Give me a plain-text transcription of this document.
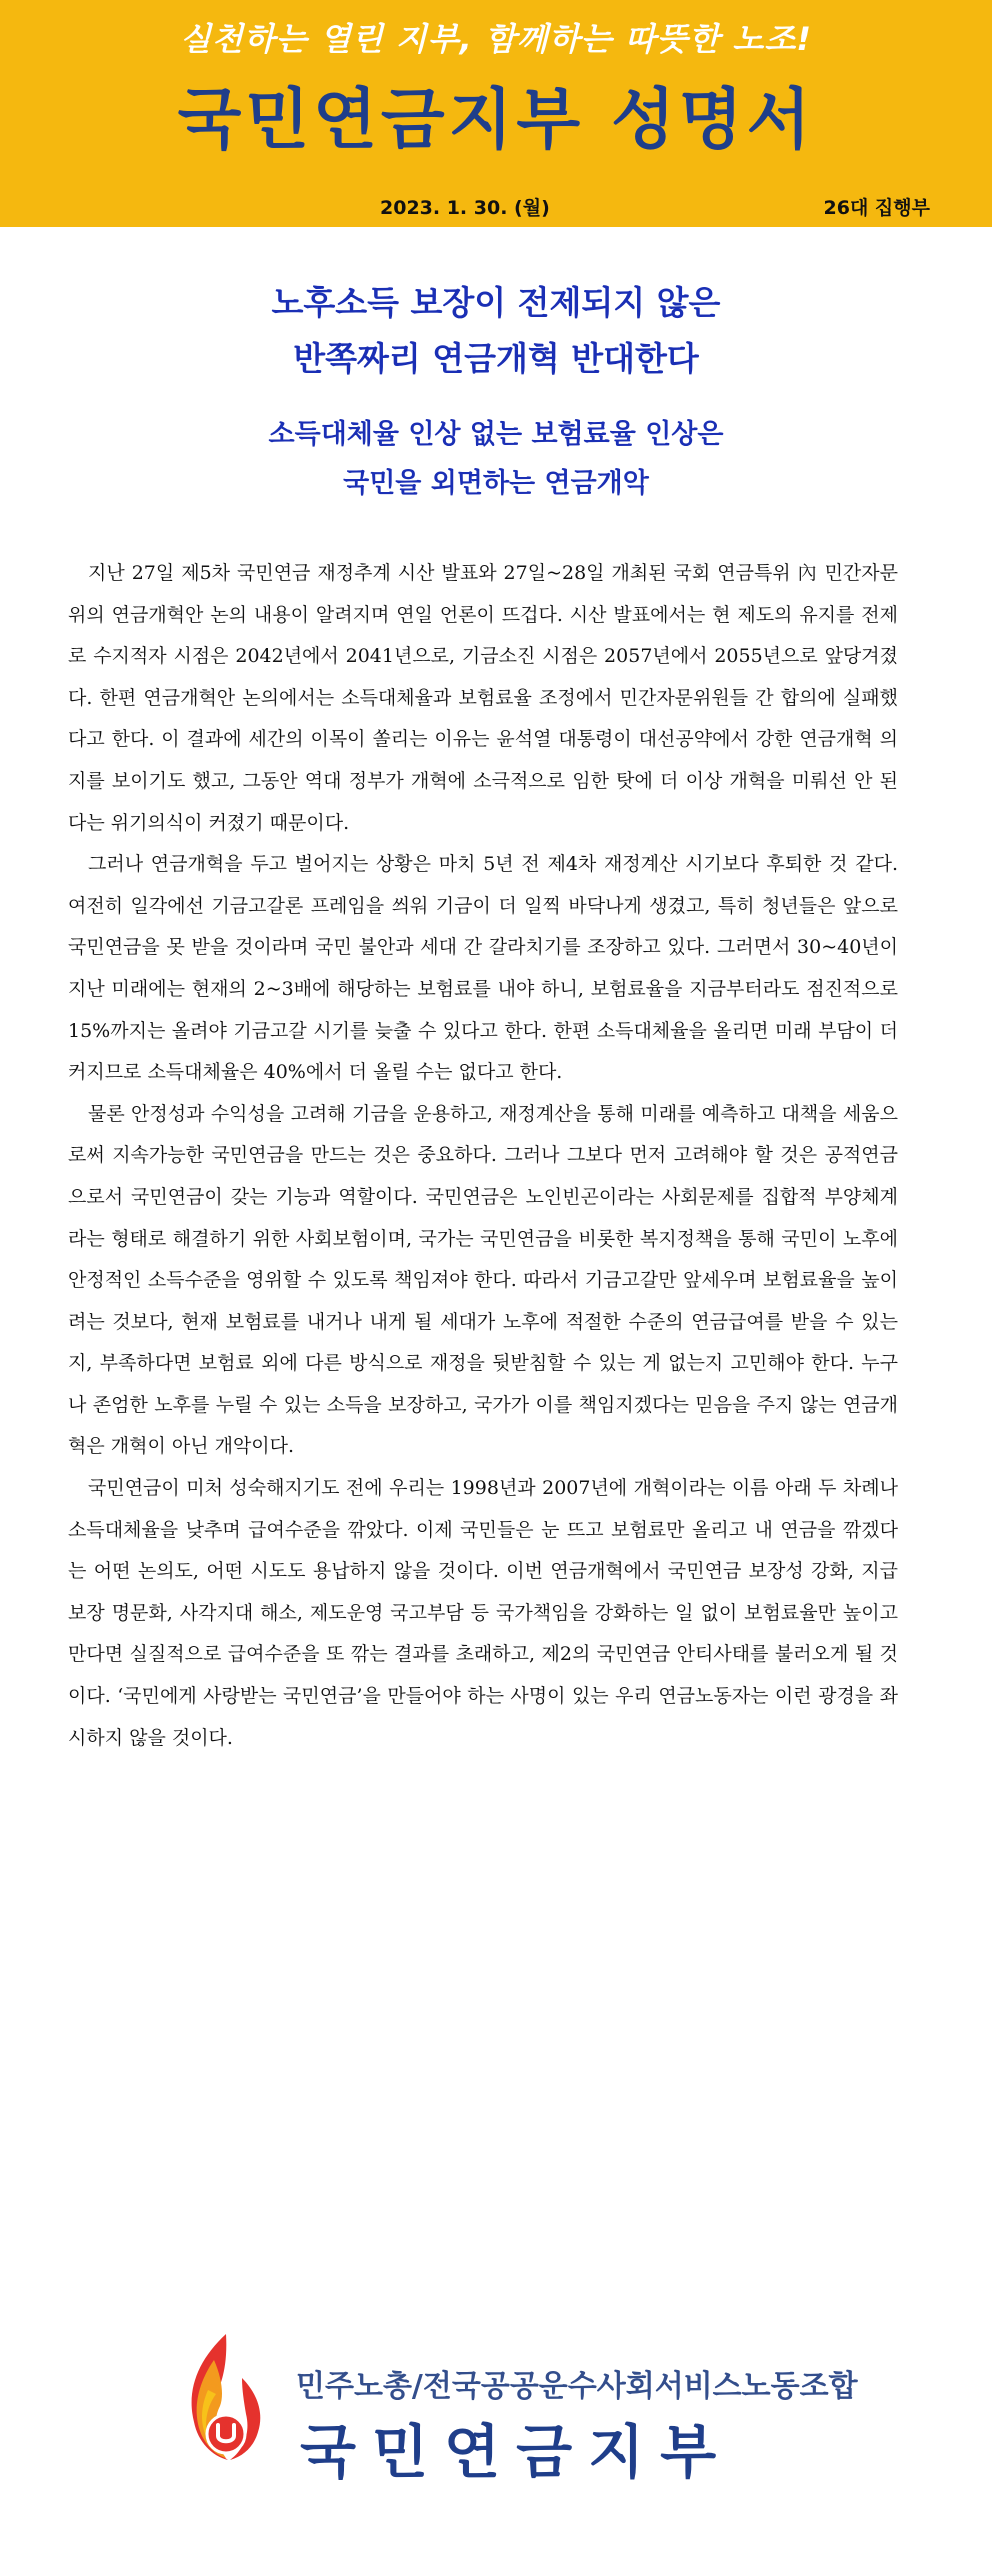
실천하는 열린 지부, 함께하는 따뜻한 노조!
국민연금지부 성명서
2023. 1. 30. (월)	26대 집행부
노후소득 보장이 전제되지 않은
반쪽짜리 연금개혁 반대한다
소득대체율 인상 없는 보험료율 인상은
국민을 외면하는 연금개악

지난 27일 제5차 국민연금 재정추계 시산 발표와 27일~28일 개최된 국회 연금특위 內 민간자문위의 연금개혁안 논의 내용이 알려지며 연일 언론이 뜨겁다. 시산 발표에서는 현 제도의 유지를 전제로 수지적자 시점은 2042년에서 2041년으로, 기금소진 시점은 2057년에서 2055년으로 앞당겨졌다. 한편 연금개혁안 논의에서는 소득대체율과 보험료율 조정에서 민간자문위원들 간 합의에 실패했다고 한다. 이 결과에 세간의 이목이 쏠리는 이유는 윤석열 대통령이 대선공약에서 강한 연금개혁 의지를 보이기도 했고, 그동안 역대 정부가 개혁에 소극적으로 임한 탓에 더 이상 개혁을 미뤄선 안 된다는 위기의식이 커졌기 때문이다.

그러나 연금개혁을 두고 벌어지는 상황은 마치 5년 전 제4차 재정계산 시기보다 후퇴한 것 같다. 여전히 일각에선 기금고갈론 프레임을 씌워 기금이 더 일찍 바닥나게 생겼고, 특히 청년들은 앞으로 국민연금을 못 받을 것이라며 국민 불안과 세대 간 갈라치기를 조장하고 있다. 그러면서 30~40년이 지난 미래에는 현재의 2~3배에 해당하는 보험료를 내야 하니, 보험료율을 지금부터라도 점진적으로 15%까지는 올려야 기금고갈 시기를 늦출 수 있다고 한다. 한편 소득대체율을 올리면 미래 부담이 더 커지므로 소득대체율은 40%에서 더 올릴 수는 없다고 한다.

물론 안정성과 수익성을 고려해 기금을 운용하고, 재정계산을 통해 미래를 예측하고 대책을 세움으로써 지속가능한 국민연금을 만드는 것은 중요하다. 그러나 그보다 먼저 고려해야 할 것은 공적연금으로서 국민연금이 갖는 기능과 역할이다. 국민연금은 노인빈곤이라는 사회문제를 집합적 부양체계라는 형태로 해결하기 위한 사회보험이며, 국가는 국민연금을 비롯한 복지정책을 통해 국민이 노후에 안정적인 소득수준을 영위할 수 있도록 책임져야 한다. 따라서 기금고갈만 앞세우며 보험료율을 높이려는 것보다, 현재 보험료를 내거나 내게 될 세대가 노후에 적절한 수준의 연금급여를 받을 수 있는지, 부족하다면 보험료 외에 다른 방식으로 재정을 뒷받침할 수 있는 게 없는지 고민해야 한다. 누구나 존엄한 노후를 누릴 수 있는 소득을 보장하고, 국가가 이를 책임지겠다는 믿음을 주지 않는 연금개혁은 개혁이 아닌 개악이다.

국민연금이 미처 성숙해지기도 전에 우리는 1998년과 2007년에 개혁이라는 이름 아래 두 차례나 소득대체율을 낮추며 급여수준을 깎았다. 이제 국민들은 눈 뜨고 보험료만 올리고 내 연금을 깎겠다는 어떤 논의도, 어떤 시도도 용납하지 않을 것이다. 이번 연금개혁에서 국민연금 보장성 강화, 지급보장 명문화, 사각지대 해소, 제도운영 국고부담 등 국가책임을 강화하는 일 없이 보험료율만 높이고 만다면 실질적으로 급여수준을 또 깎는 결과를 초래하고, 제2의 국민연금 안티사태를 불러오게 될 것이다. ‘국민에게 사랑받는 국민연금’을 만들어야 하는 사명이 있는 우리 연금노동자는 이런 광경을 좌시하지 않을 것이다.

민주노총/전국공공운수사회서비스노동조합
국민연금지부
